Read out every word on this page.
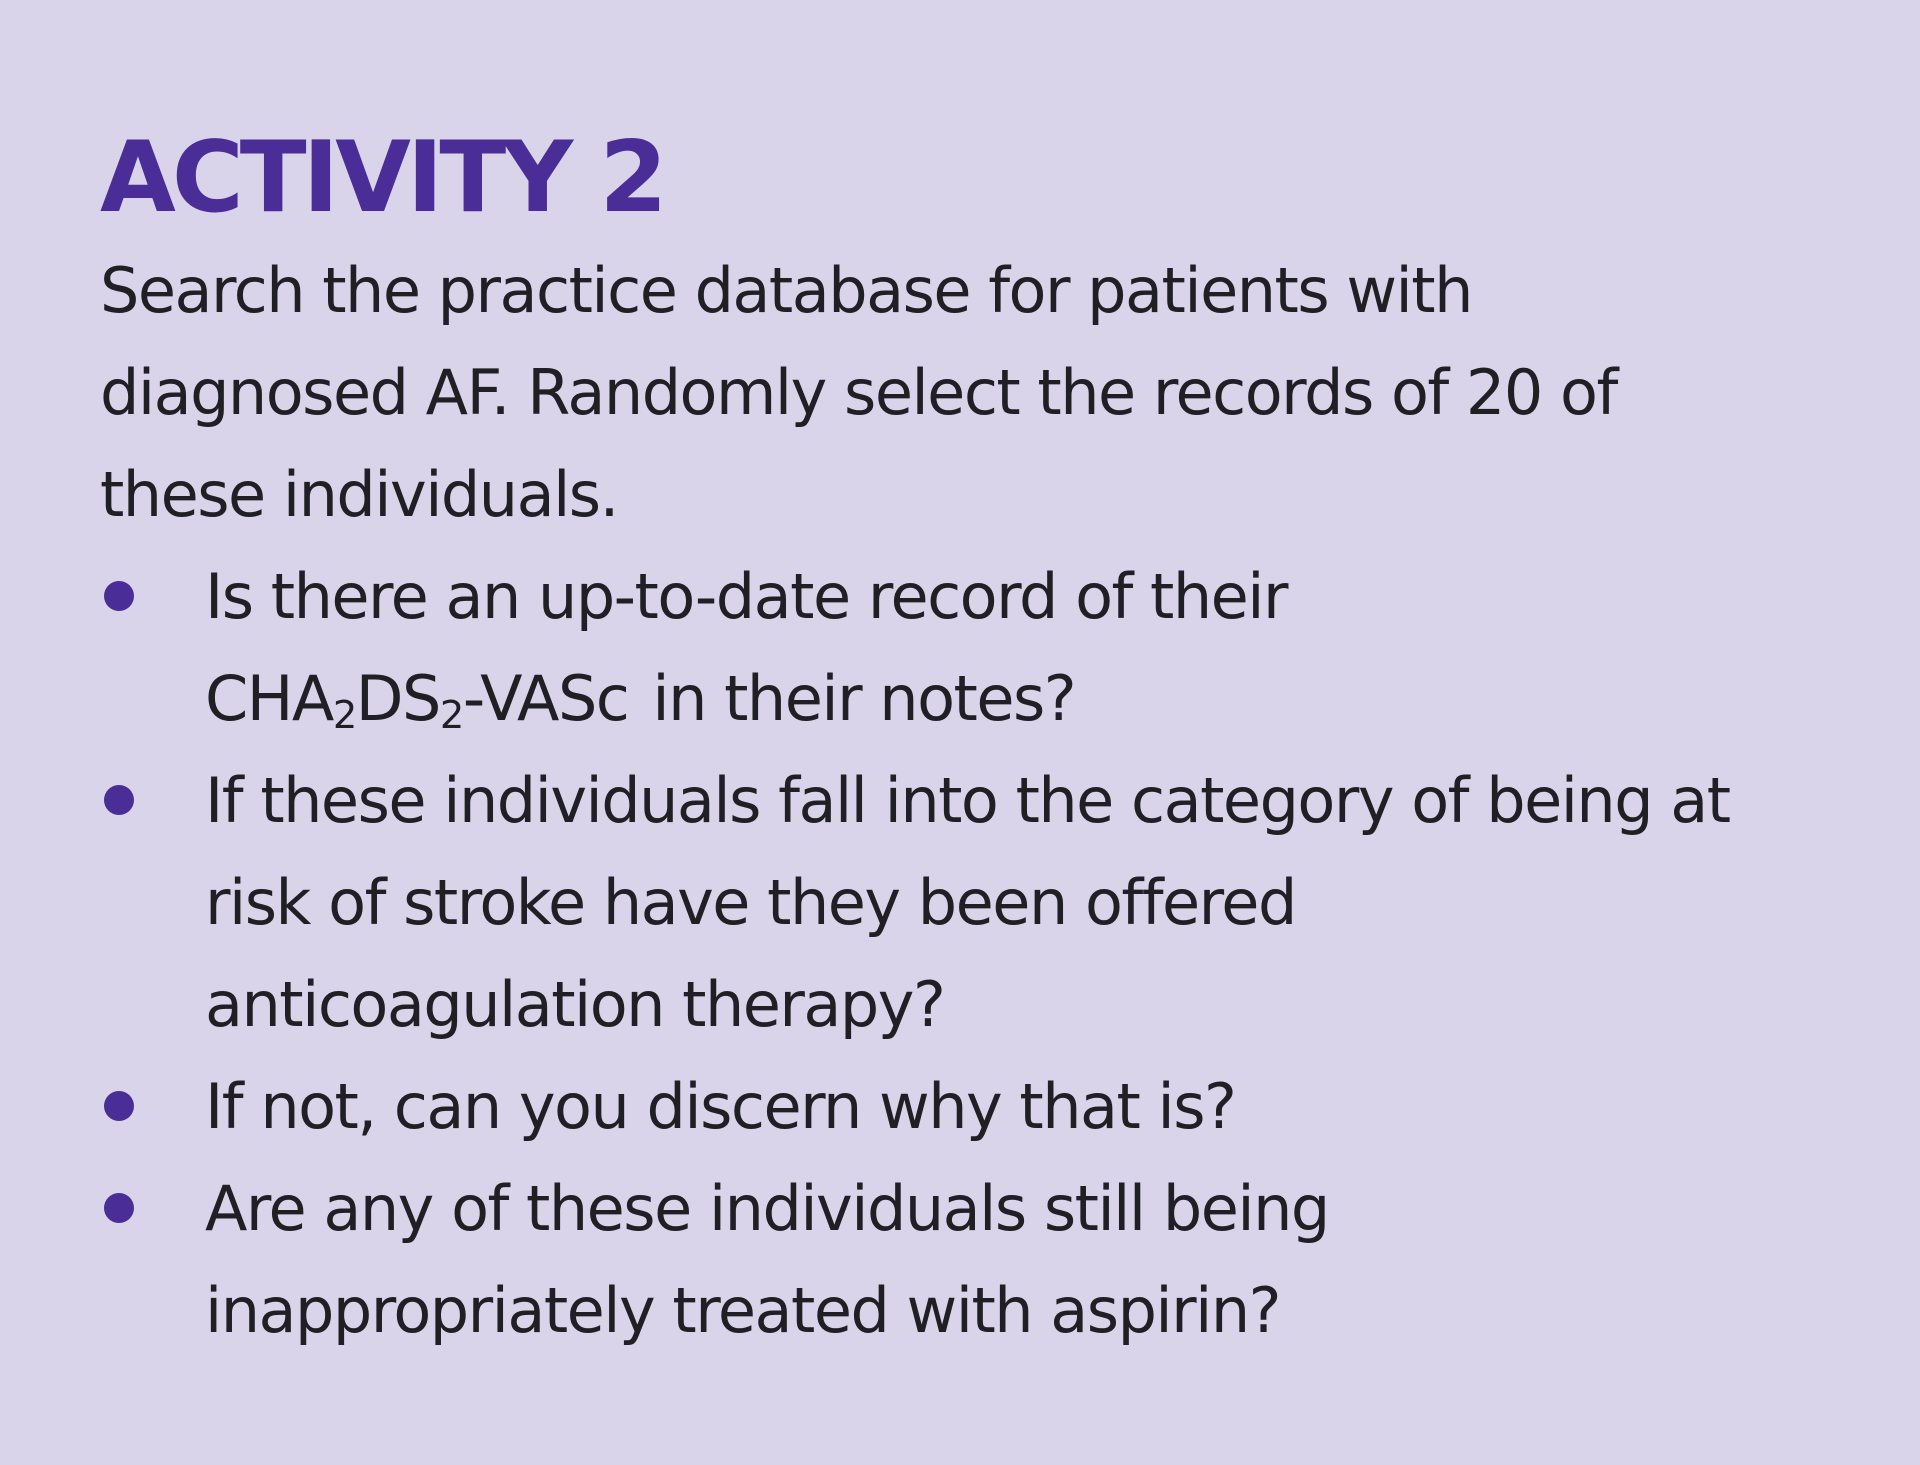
ACTIVITY 2
Search the practice database for patients with
diagnosed AF. Randomly select the records of 20 of
these individuals.
Is there an up-to-date record of their
$CHA_2DS_2$-VASc in their notes?
If these individuals fall into the category of being at
risk of stroke have they been offered
anticoagulation therapy?
If not, can you discern why that is?
Are any of these individuals still being
inappropriately treated with aspirin?
